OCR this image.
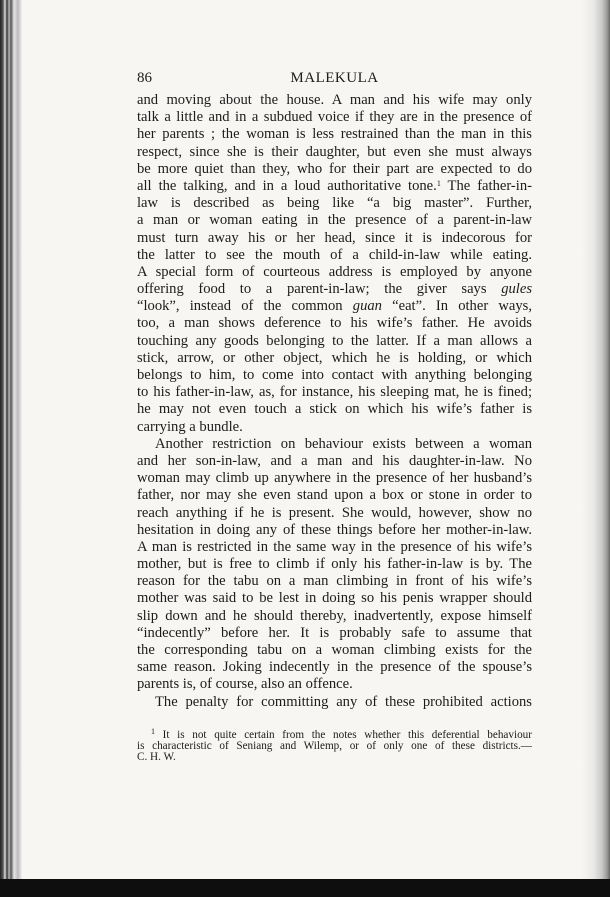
86	MALEKULA
and moving about the house. A man and his wife may only
talk a little and in a subdued voice if they are in the presence of
her parents ; the woman is less restrained than the man in this
respect, since she is their daughter, but even she must always
be more quiet than they, who for their part are expected to do
all the talking, and in a loud authoritative tone.$^1$ The father-in-
law is described as being like “a big master”. Further,
a man or woman eating in the presence of a parent-in-law
must turn away his or her head, since it is indecorous for
the latter to see the mouth of a child-in-law while eating.
A special form of courteous address is employed by anyone
offering food to a parent-in-law; the giver says gules
“look”, instead of the common guan “eat”. In other ways,
too, a man shows deference to his wife’s father. He avoids
touching any goods belonging to the latter. If a man allows a
stick, arrow, or other object, which he is holding, or which
belongs to him, to come into contact with anything belonging
to his father-in-law, as, for instance, his sleeping mat, he is fined;
he may not even touch a stick on which his wife’s father is
carrying a bundle.
Another restriction on behaviour exists between a woman
and her son-in-law, and a man and his daughter-in-law. No
woman may climb up anywhere in the presence of her husband’s
father, nor may she even stand upon a box or stone in order to
reach anything if he is present. She would, however, show no
hesitation in doing any of these things before her mother-in-law.
A man is restricted in the same way in the presence of his wife’s
mother, but is free to climb if only his father-in-law is by. The
reason for the tabu on a man climbing in front of his wife’s
mother was said to be lest in doing so his penis wrapper should
slip down and he should thereby, inadvertently, expose himself
“indecently” before her. It is probably safe to assume that
the corresponding tabu on a woman climbing exists for the
same reason. Joking indecently in the presence of the spouse’s
parents is, of course, also an offence.
The penalty for committing any of these prohibited actions
$^1$ It is not quite certain from the notes whether this deferential behaviour
is characteristic of Seniang and Wilemp, or of only one of these districts.—
C. H. W.
